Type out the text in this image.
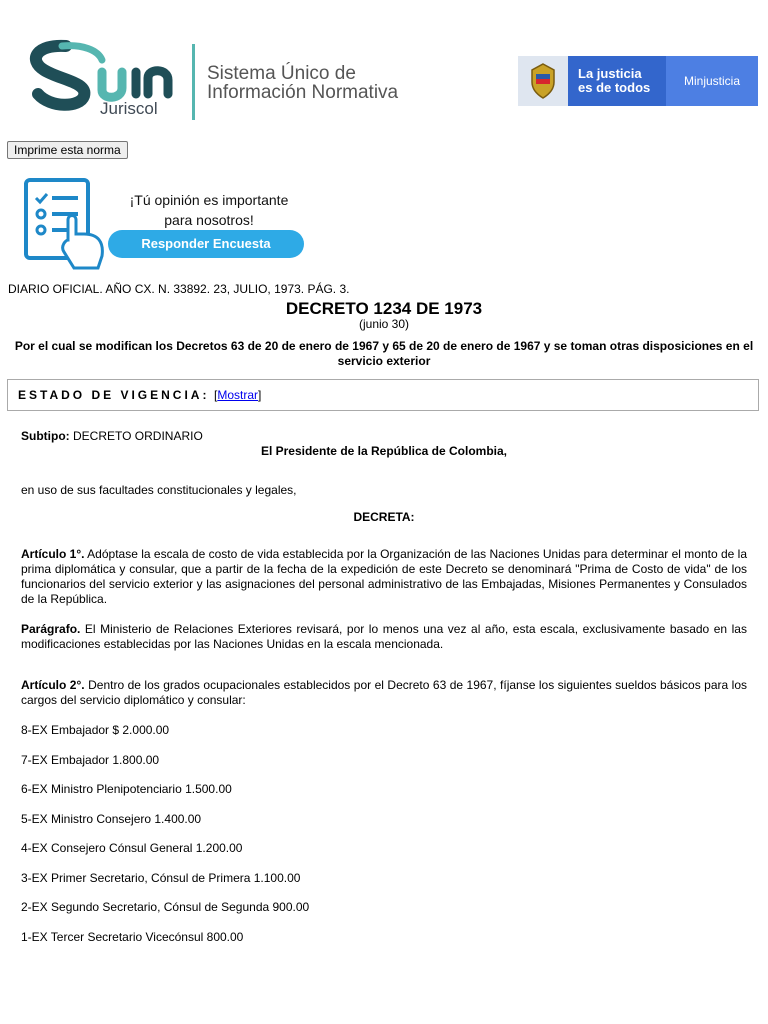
Juriscol
Sistema Único de
Información Normativa
La justicia
es de todos	Minjusticia
Imprime esta norma
¡Tú opinión es importante
para nosotros!
Responder Encuesta
DIARIO OFICIAL. AÑO CX. N. 33892. 23, JULIO, 1973. PÁG. 3.
DECRETO 1234 DE 1973
(junio 30)
Por el cual se modifican los Decretos 63 de 20 de enero de 1967 y 65 de 20 de enero de 1967 y se toman otras disposiciones en el servicio exterior
ESTADO DE VIGENCIA: [Mostrar]

Subtipo: DECRETO ORDINARIO

El Presidente de la República de Colombia,

en uso de sus facultades constitucionales y legales,

DECRETA:

Artículo 1°. Adóptase la escala de costo de vida establecida por la Organización de las Naciones Unidas para determinar el monto de la prima diplomática y consular, que a partir de la fecha de la expedición de este Decreto se denominará "Prima de Costo de vida" de los funcionarios del servicio exterior y las asignaciones del personal administrativo de las Embajadas, Misiones Permanentes y Consulados de la República.

Parágrafo. El Ministerio de Relaciones Exteriores revisará, por lo menos una vez al año, esta escala, exclusivamente basado en las modificaciones establecidas por las Naciones Unidas en la escala mencionada.

Artículo 2°. Dentro de los grados ocupacionales establecidos por el Decreto 63 de 1967, fíjanse los siguientes sueldos básicos para los cargos del servicio diplomático y consular:

8-EX Embajador $ 2.000.00

7-EX Embajador 1.800.00

6-EX Ministro Plenipotenciario 1.500.00

5-EX Ministro Consejero 1.400.00

4-EX Consejero Cónsul General 1.200.00

3-EX Primer Secretario, Cónsul de Primera 1.100.00

2-EX Segundo Secretario, Cónsul de Segunda 900.00

1-EX Tercer Secretario Vicecónsul 800.00
